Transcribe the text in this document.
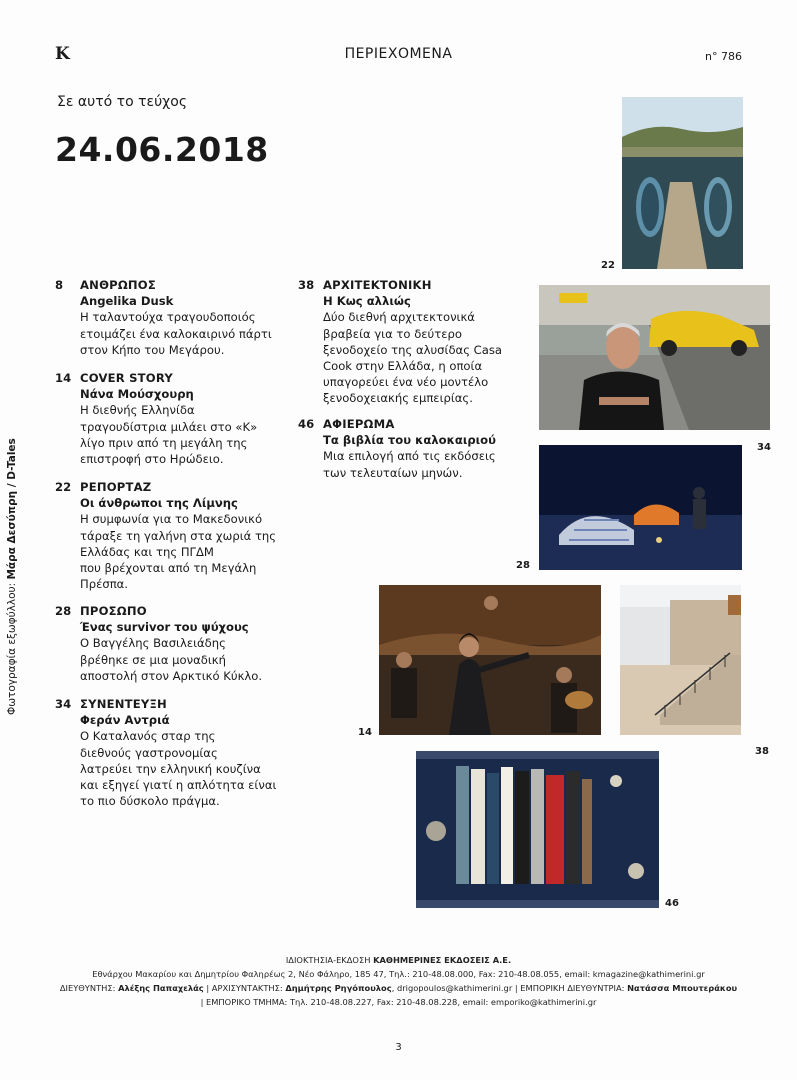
K	ΠΕΡΙΕΧΟΜΕΝΑ	n° 786
Σε αυτό το τεύχος
24.06.2018
Φωτογραφία εξωφύλλου: Μάρα Δεσύπρη / D-Tales
8 ΑΝΘΡΩΠΟΣ
Angelika Dusk
Η ταλαντούχα τραγουδοποιός
ετοιμάζει ένα καλοκαιρινό πάρτι
στον Κήπο του Μεγάρου.
14 COVER STORY
Νάνα Μούσχουρη
Η διεθνής Ελληνίδα
τραγουδίστρια μιλάει στο «K»
λίγο πριν από τη μεγάλη της
επιστροφή στο Ηρώδειο.
22 ΡΕΠΟΡΤΑΖ
Οι άνθρωποι της Λίμνης
Η συμφωνία για το Μακεδονικό
τάραξε τη γαλήνη στα χωριά της
Ελλάδας και της ΠΓΔΜ
που βρέχονται από τη Μεγάλη
Πρέσπα.
28 ΠΡΟΣΩΠΟ
Ένας survivor του ψύχους
Ο Βαγγέλης Βασιλειάδης
βρέθηκε σε μια μοναδική
αποστολή στον Αρκτικό Κύκλο.
34 ΣΥΝΕΝΤΕΥΞΗ
Φεράν Αντριά
Ο Καταλανός σταρ της
διεθνούς γαστρονομίας
λατρεύει την ελληνική κουζίνα
και εξηγεί γιατί η απλότητα είναι
το πιο δύσκολο πράγμα.
38 ΑΡΧΙΤΕΚΤΟΝΙΚΗ
Η Κως αλλιώς
Δύο διεθνή αρχιτεκτονικά
βραβεία για το δεύτερο
ξενοδοχείο της αλυσίδας Casa
Cook στην Ελλάδα, η οποία
υπαγορεύει ένα νέο μοντέλο
ξενοδοχειακής εμπειρίας.
46 ΑΦΙΕΡΩΜΑ
Τα βιβλία του καλοκαιριού
Μια επιλογή από τις εκδόσεις
των τελευταίων μηνών.
22
34
28
14
38
46
ΙΔΙΟΚΤΗΣΙΑ-ΕΚΔΟΣΗ ΚΑΘΗΜΕΡΙΝΕΣ ΕΚΔΟΣΕΙΣ Α.Ε.
Εθνάρχου Μακαρίου και Δημητρίου Φαληρέως 2, Νέο Φάληρο, 185 47, Τηλ.: 210-48.08.000, Fax: 210-48.08.055, email: kmagazine@kathimerini.gr
ΔΙΕΥΘΥΝΤΗΣ: Αλέξης Παπαχελάς | ΑΡΧΙΣΥΝΤΑΚΤΗΣ: Δημήτρης Ρηγόπουλος, drigopoulos@kathimerini.gr | ΕΜΠΟΡΙΚΗ ΔΙΕΥΘΥΝΤΡΙΑ: Νατάσσα Μπουτεράκου
| ΕΜΠΟΡΙΚΟ ΤΜΗΜΑ: Τηλ. 210-48.08.227, Fax: 210-48.08.228, email: emporiko@kathimerini.gr
3
